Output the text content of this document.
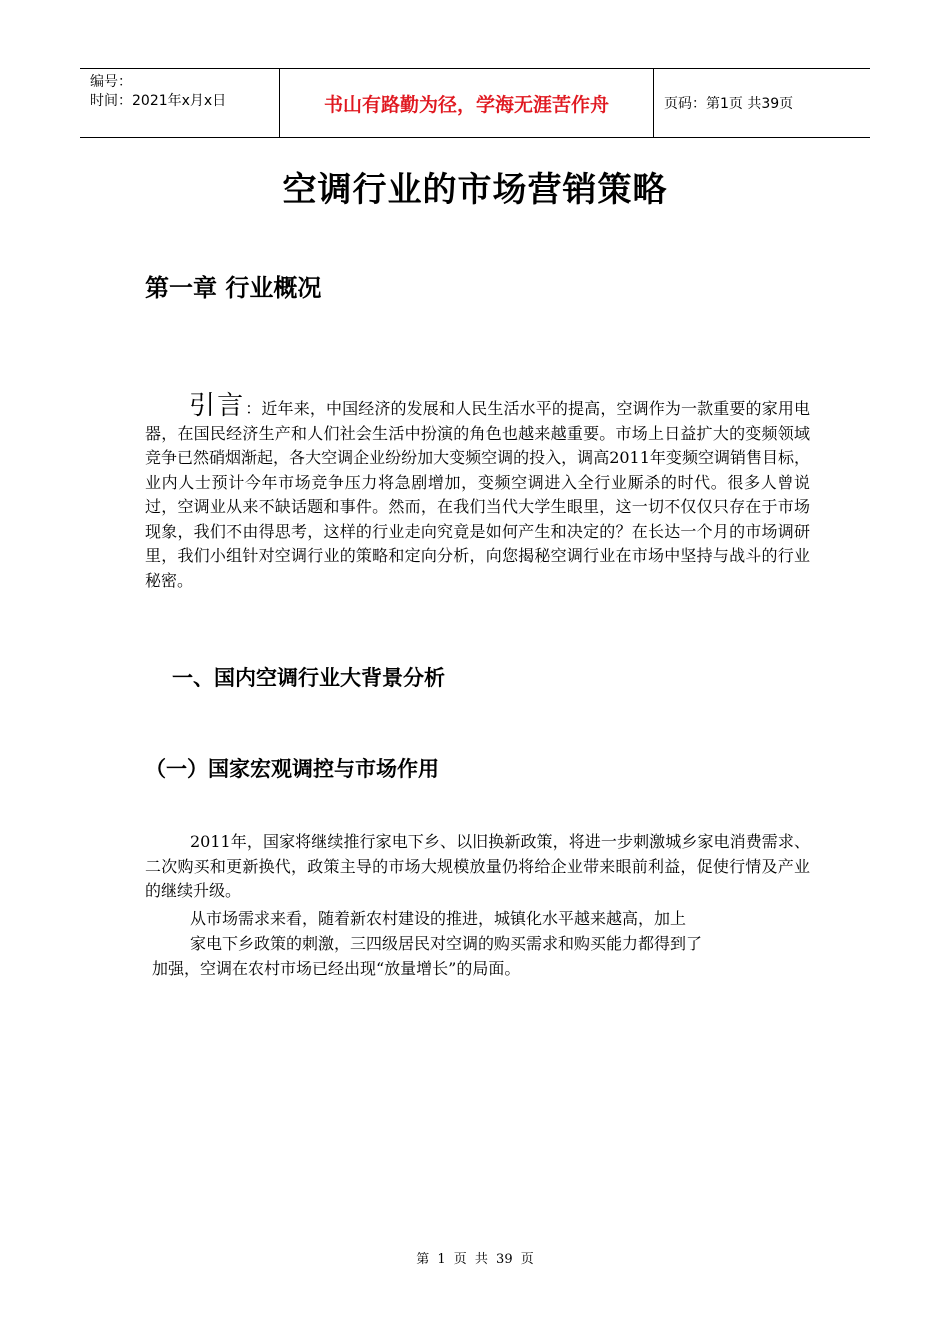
编号：
时间：2021年x月x日	书山有路勤为径，学海无涯苦作舟	页码：第1页 共39页
空调行业的市场营销策略
第一章 行业概况
引言：近年来，中国经济的发展和人民生活水平的提高，空调作为一款重要的家用电器，在国民经济生产和人们社会生活中扮演的角色也越来越重要。市场上日益扩大的变频领域竞争已然硝烟渐起，各大空调企业纷纷加大变频空调的投入，调高2011年变频空调销售目标，业内人士预计今年市场竞争压力将急剧增加，变频空调进入全行业厮杀的时代。很多人曾说过，空调业从来不缺话题和事件。然而，在我们当代大学生眼里，这一切不仅仅只存在于市场现象，我们不由得思考，这样的行业走向究竟是如何产生和决定的？在长达一个月的市场调研里，我们小组针对空调行业的策略和定向分析，向您揭秘空调行业在市场中坚持与战斗的行业秘密。
一、国内空调行业大背景分析
（一）国家宏观调控与市场作用
2011年，国家将继续推行家电下乡、以旧换新政策，将进一步刺激城乡家电消费需求、二次购买和更新换代，政策主导的市场大规模放量仍将给企业带来眼前利益，促使行情及产业的继续升级。
从市场需求来看，随着新农村建设的推进，城镇化水平越来越高，加上
家电下乡政策的刺激，三四级居民对空调的购买需求和购买能力都得到了
加强，空调在农村市场已经出现“放量增长”的局面。
第 1 页 共 39 页
